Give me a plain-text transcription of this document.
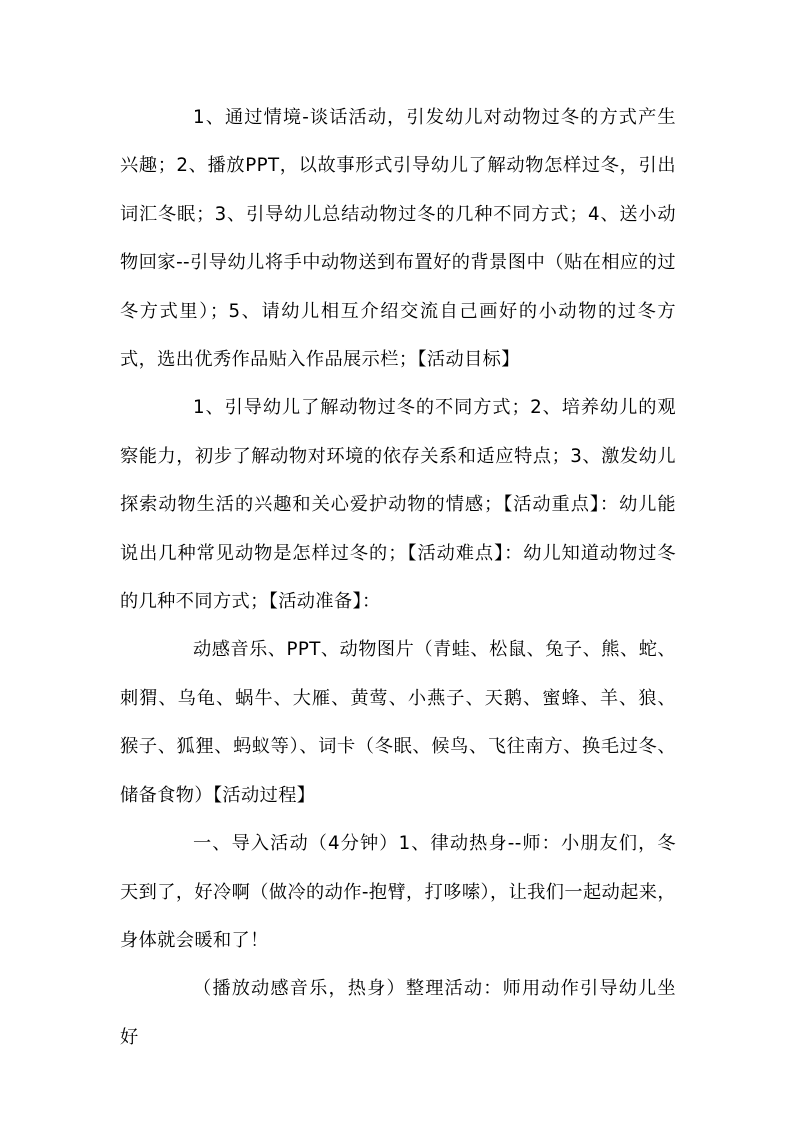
1、通过情境-谈话活动，引发幼儿对动物过冬的方式产生兴趣；2、播放PPT，以故事形式引导幼儿了解动物怎样过冬，引出词汇冬眠；3、引导幼儿总结动物过冬的几种不同方式；4、送小动物回家--引导幼儿将手中动物送到布置好的背景图中（贴在相应的过冬方式里）；5、请幼儿相互介绍交流自己画好的小动物的过冬方式，选出优秀作品贴入作品展示栏；【活动目标】

1、引导幼儿了解动物过冬的不同方式；2、培养幼儿的观察能力，初步了解动物对环境的依存关系和适应特点；3、激发幼儿探索动物生活的兴趣和关心爱护动物的情感；【活动重点】：幼儿能说出几种常见动物是怎样过冬的；【活动难点】：幼儿知道动物过冬的几种不同方式；【活动准备】：

动感音乐、PPT、动物图片（青蛙、松鼠、兔子、熊、蛇、刺猬、乌龟、蜗牛、大雁、黄莺、小燕子、天鹅、蜜蜂、羊、狼、猴子、狐狸、蚂蚁等）、词卡（冬眠、候鸟、飞往南方、换毛过冬、储备食物）【活动过程】

一、导入活动（4分钟）1、律动热身--师：小朋友们，冬天到了，好冷啊（做冷的动作-抱臂，打哆嗦），让我们一起动起来，身体就会暖和了！

（播放动感音乐，热身）整理活动：师用动作引导幼儿坐好
